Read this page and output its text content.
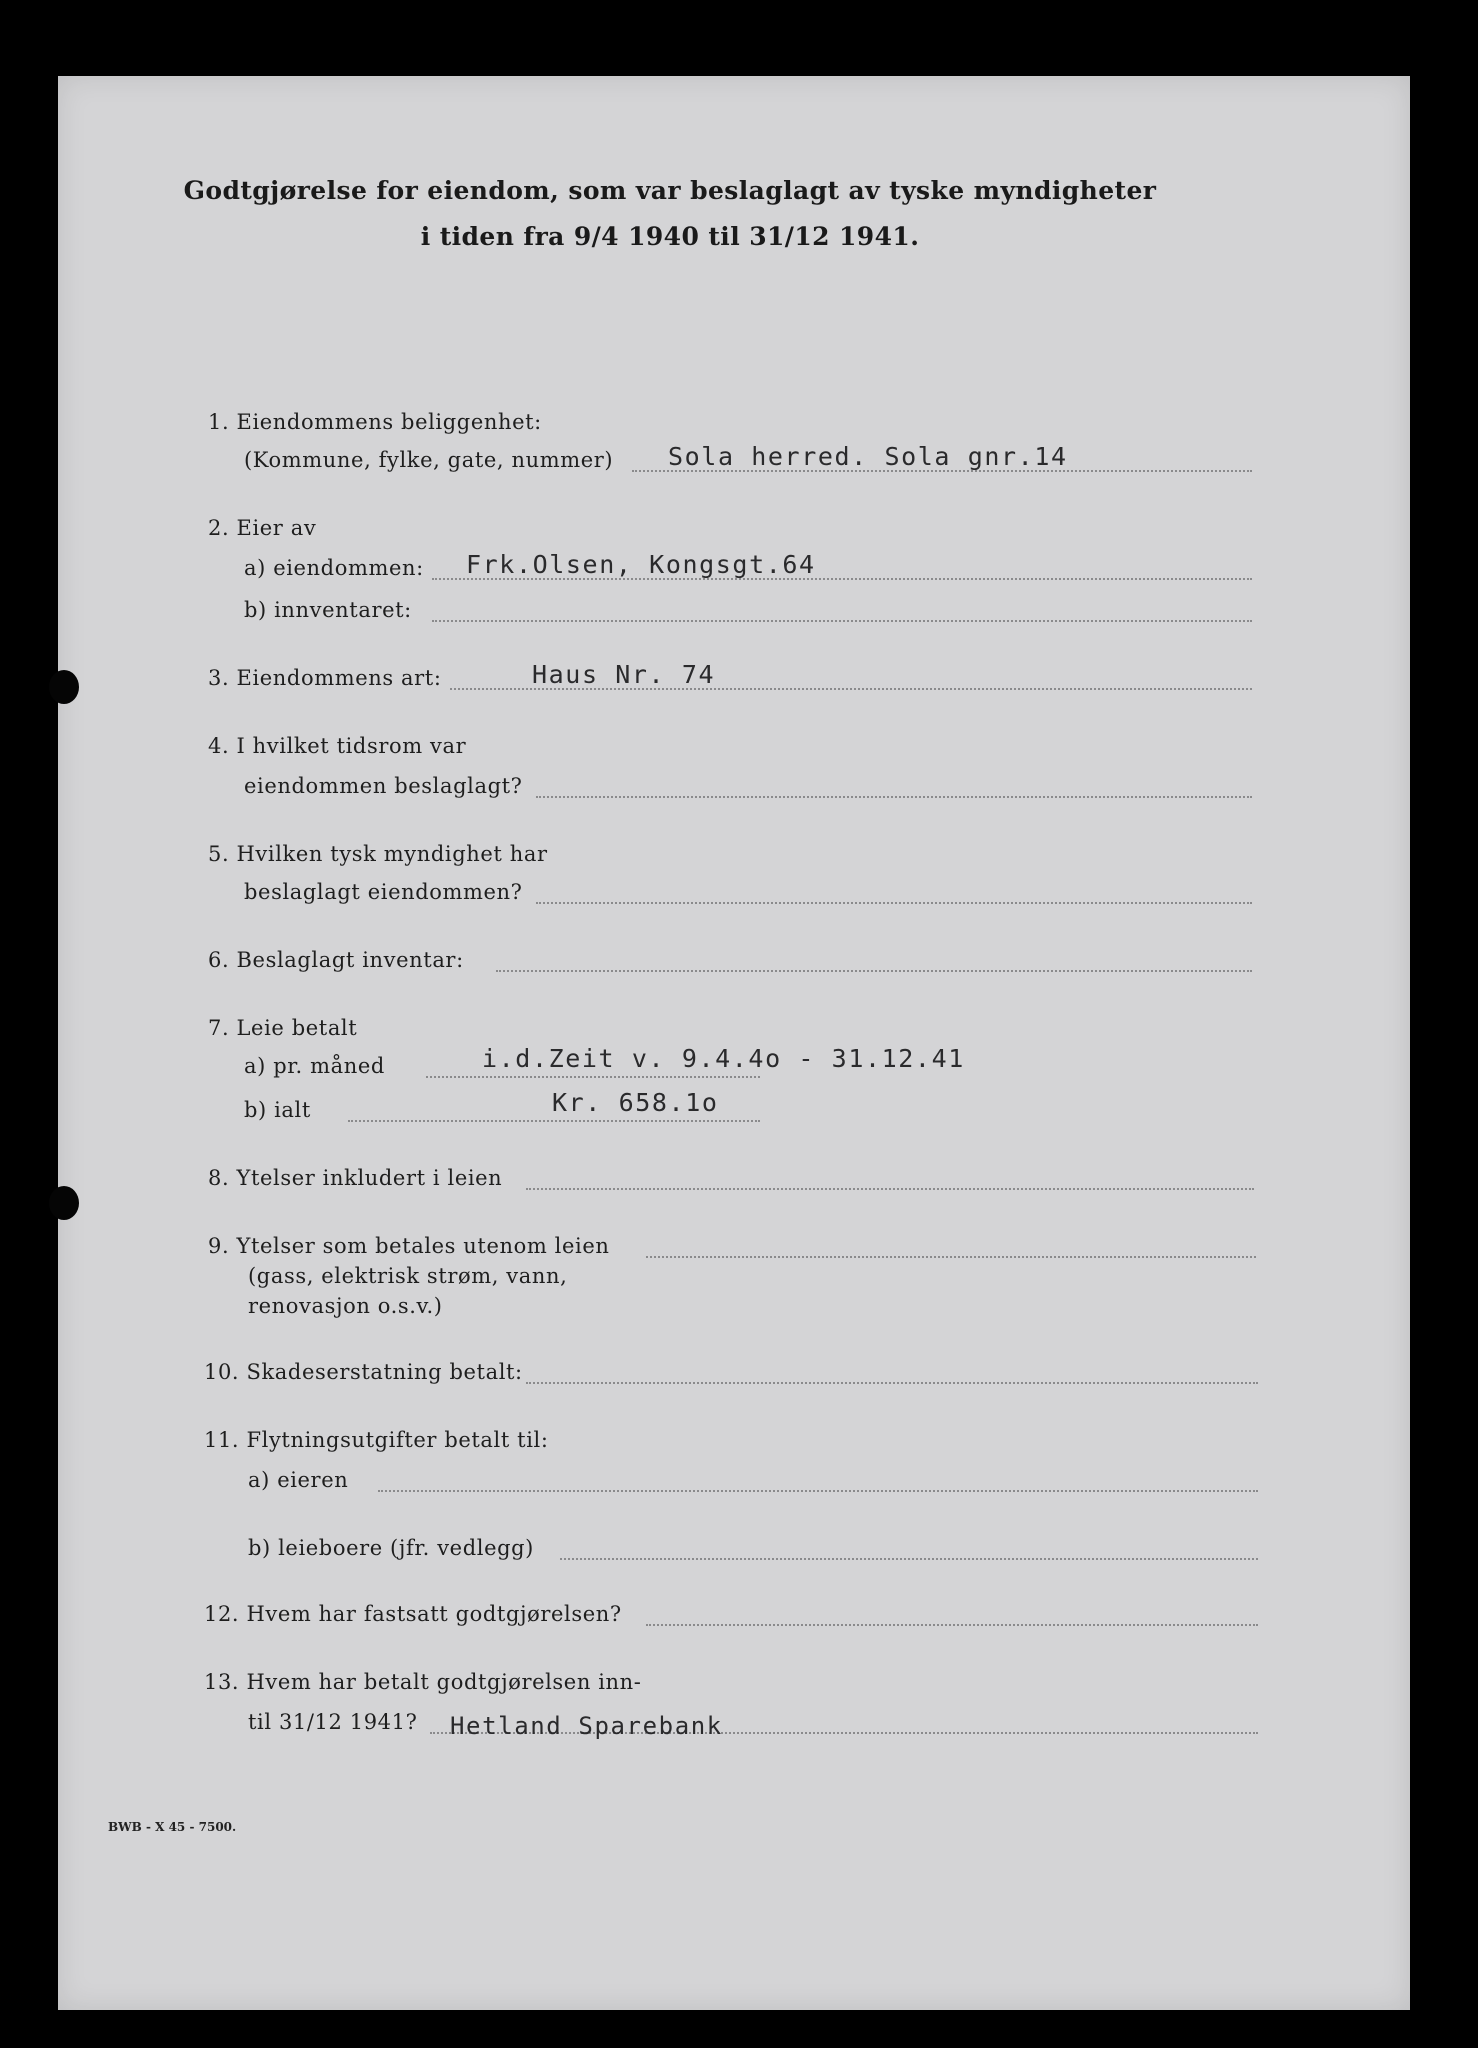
Godtgjørelse for eiendom, som var beslaglagt av tyske myndigheter
i tiden fra 9/4 1940 til 31/12 1941.
1. Eiendommens beliggenhet:
(Kommune, fylke, gate, nummer) Sola herred. Sola gnr.14
2. Eier av
a) eiendommen: Frk.Olsen, Kongsgt.64
b) innventaret:
3. Eiendommens art:	Haus Nr. 74
4. I hvilket tidsrom var
eiendommen beslaglagt?
5. Hvilken tysk myndighet har
beslaglagt eiendommen?
6. Beslaglagt inventar:
7. Leie betalt
a) pr. måned	i.d.Zeit v. 9.4.4o - 31.12.41
b) ialt	Kr. 658.1o
8. Ytelser inkludert i leien
9. Ytelser som betales utenom leien
(gass, elektrisk strøm, vann,
renovasjon o.s.v.)
10. Skadeserstatning betalt:
11. Flytningsutgifter betalt til:
a) eieren
b) leieboere (jfr. vedlegg)
12. Hvem har fastsatt godtgjørelsen?
13. Hvem har betalt godtgjørelsen inn-
til 31/12 1941? Hetland Sparebank
BWB - X 45 - 7500.
